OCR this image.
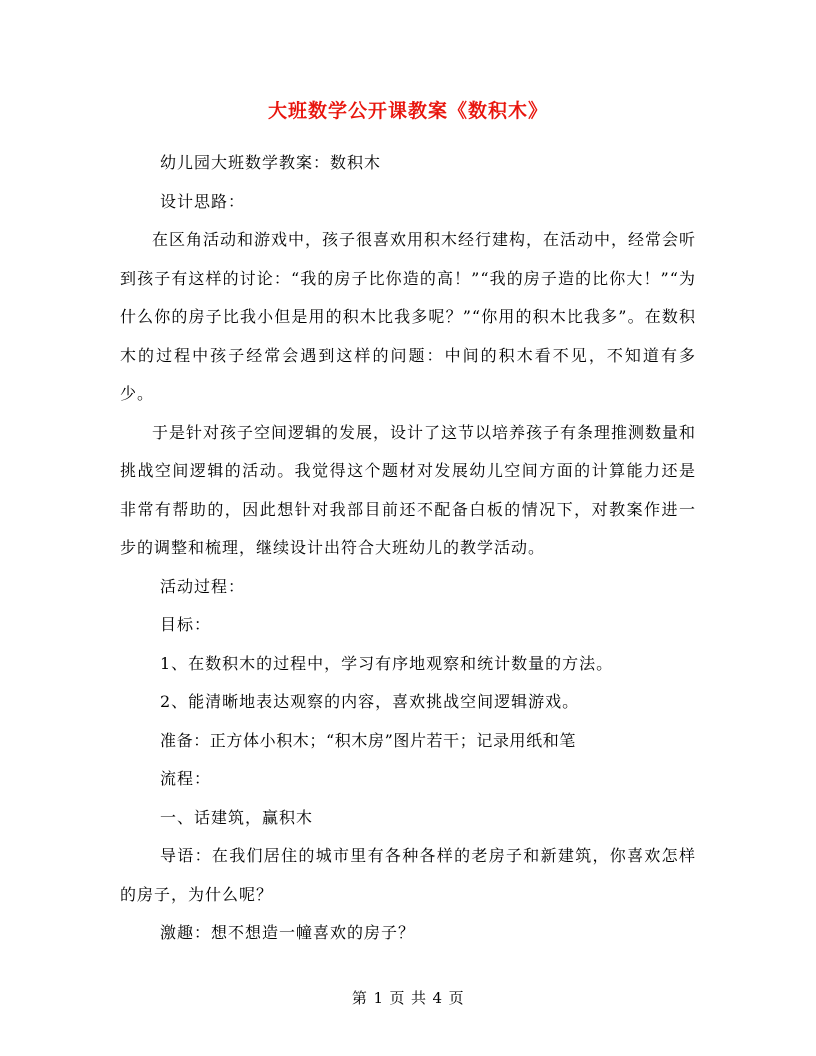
大班数学公开课教案《数积木》

幼儿园大班数学教案：数积木

设计思路：

在区角活动和游戏中，孩子很喜欢用积木经行建构，在活动中，经常会听到孩子有这样的讨论：“我的房子比你造的高！”“我的房子造的比你大！”“为什么你的房子比我小但是用的积木比我多呢？”“你用的积木比我多”。在数积木的过程中孩子经常会遇到这样的问题：中间的积木看不见，不知道有多少。

于是针对孩子空间逻辑的发展，设计了这节以培养孩子有条理推测数量和挑战空间逻辑的活动。我觉得这个题材对发展幼儿空间方面的计算能力还是非常有帮助的，因此想针对我部目前还不配备白板的情况下，对教案作进一步的调整和梳理，继续设计出符合大班幼儿的教学活动。

活动过程：

目标：

1、在数积木的过程中，学习有序地观察和统计数量的方法。

2、能清晰地表达观察的内容，喜欢挑战空间逻辑游戏。

准备：正方体小积木；“积木房”图片若干；记录用纸和笔

流程：

一、话建筑，赢积木

导语：在我们居住的城市里有各种各样的老房子和新建筑，你喜欢怎样的房子，为什么呢？

激趣：想不想造一幢喜欢的房子？

第 1 页 共 4 页
